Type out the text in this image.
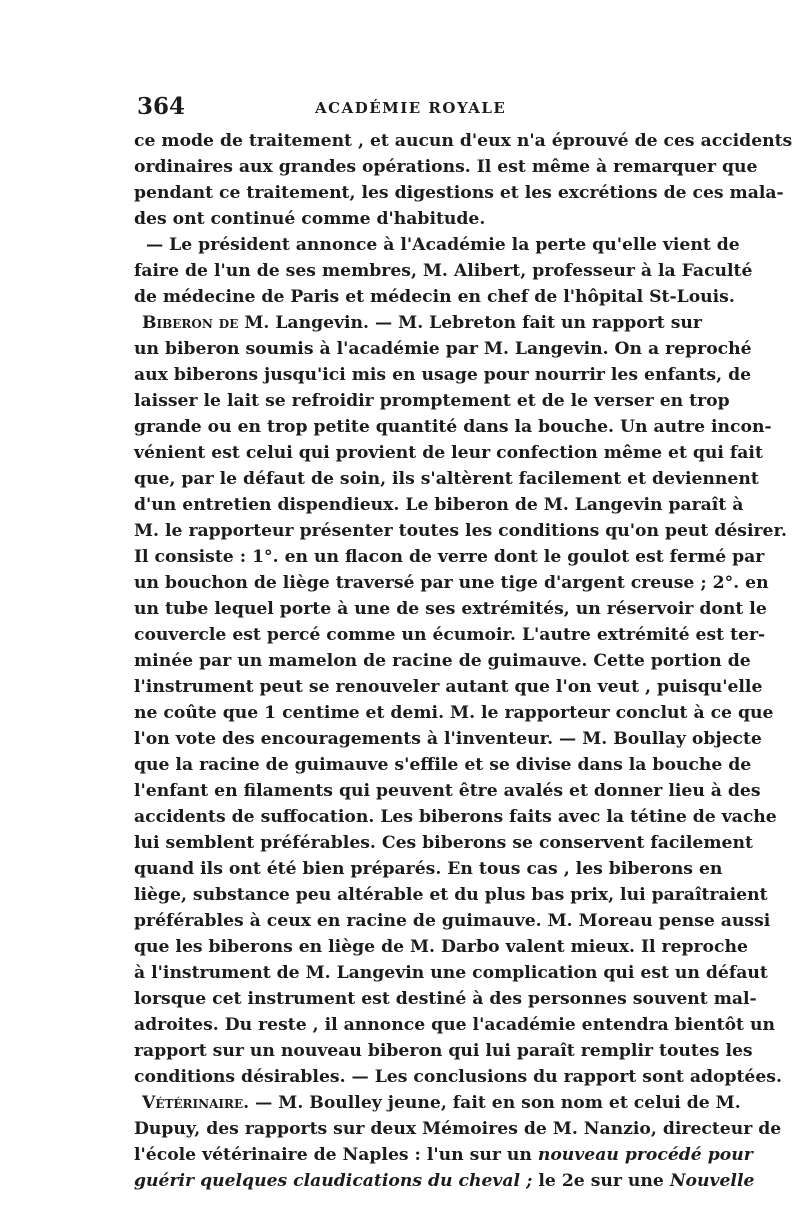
364	ACADÉMIE ROYALE
ce mode de traitement , et aucun d'eux n'a éprouvé de ces accidents
ordinaires aux grandes opérations. Il est même à remarquer que
pendant ce traitement, les digestions et les excrétions de ces mala-
des ont continué comme d'habitude.
— Le président annonce à l'Académie la perte qu'elle vient de
faire de l'un de ses membres, M. Alibert, professeur à la Faculté
de médecine de Paris et médecin en chef de l'hôpital St-Louis.
Biberon de M. Langevin. — M. Lebreton fait un rapport sur
un biberon soumis à l'académie par M. Langevin. On a reproché
aux biberons jusqu'ici mis en usage pour nourrir les enfants, de
laisser le lait se refroidir promptement et de le verser en trop
grande ou en trop petite quantité dans la bouche. Un autre incon-
vénient est celui qui provient de leur confection même et qui fait
que, par le défaut de soin, ils s'altèrent facilement et deviennent
d'un entretien dispendieux. Le biberon de M. Langevin paraît à
M. le rapporteur présenter toutes les conditions qu'on peut désirer.
Il consiste : 1°. en un flacon de verre dont le goulot est fermé par
un bouchon de liège traversé par une tige d'argent creuse ; 2°. en
un tube lequel porte à une de ses extrémités, un réservoir dont le
couvercle est percé comme un écumoir. L'autre extrémité est ter-
minée par un mamelon de racine de guimauve. Cette portion de
l'instrument peut se renouveler autant que l'on veut , puisqu'elle
ne coûte que 1 centime et demi. M. le rapporteur conclut à ce que
l'on vote des encouragements à l'inventeur. — M. Boullay objecte
que la racine de guimauve s'effile et se divise dans la bouche de
l'enfant en filaments qui peuvent être avalés et donner lieu à des
accidents de suffocation. Les biberons faits avec la tétine de vache
lui semblent préférables. Ces biberons se conservent facilement
quand ils ont été bien préparés. En tous cas , les biberons en
liège, substance peu altérable et du plus bas prix, lui paraîtraient
préférables à ceux en racine de guimauve. M. Moreau pense aussi
que les biberons en liège de M. Darbo valent mieux. Il reproche
à l'instrument de M. Langevin une complication qui est un défaut
lorsque cet instrument est destiné à des personnes souvent mal-
adroites. Du reste , il annonce que l'académie entendra bientôt un
rapport sur un nouveau biberon qui lui paraît remplir toutes les
conditions désirables. — Les conclusions du rapport sont adoptées.
Vétérinaire. — M. Boulley jeune, fait en son nom et celui de M.
Dupuy, des rapports sur deux Mémoires de M. Nanzio, directeur de
l'école vétérinaire de Naples : l'un sur un nouveau procédé pour
guérir quelques claudications du cheval ; le 2e sur une Nouvelle
